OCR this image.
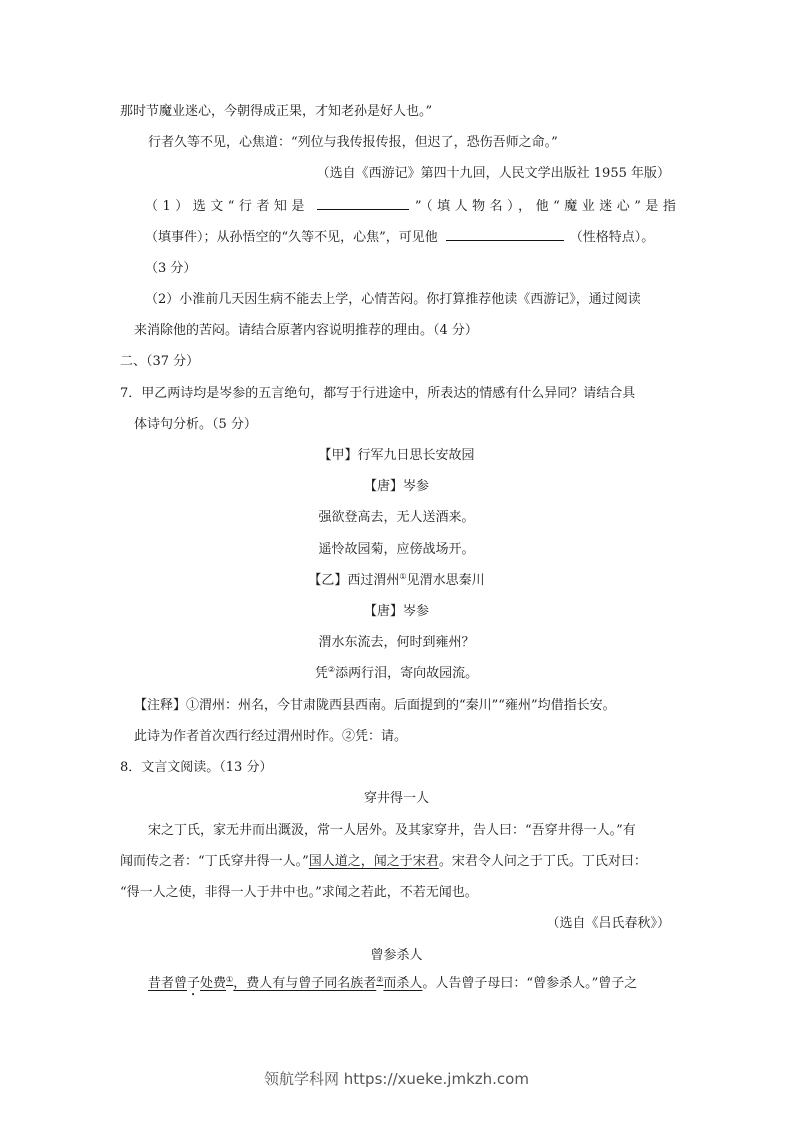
那时节魔业迷心，今朝得成正果，才知老孙是好人也。”
行者久等不见，心焦道：“列位与我传报传报，但迟了，恐伤吾师之命。”
（选自《西游记》第四十九回，人民文学出版社 1955 年版）
（1）选文“行者知是	”（填人物名），他“魔业迷心”是指
（填事件）；从孙悟空的“久等不见，心焦”，可见他	（性格特点）。
（3 分）
（2）小淮前几天因生病不能去上学，心情苦闷。你打算推荐他读《西游记》，通过阅读
来消除他的苦闷。请结合原著内容说明推荐的理由。（4 分）
二、（37 分）
7．甲乙两诗均是岑参的五言绝句，都写于行进途中，所表达的情感有什么异同？请结合具
体诗句分析。（5 分）
【甲】行军九日思长安故园
【唐】岑参
强欲登高去，无人送酒来。
遥怜故园菊，应傍战场开。
【乙】西过渭州①见渭水思秦川
【唐】岑参
渭水东流去，何时到雍州？
凭②添两行泪，寄向故园流。
【注释】①渭州：州名，今甘肃陇西县西南。后面提到的“秦川”“雍州”均借指长安。
此诗为作者首次西行经过渭州时作。②凭：请。
8．文言文阅读。（13 分）
穿井得一人
宋之丁氏，家无井而出溉汲，常一人居外。及其家穿井，告人曰：“吾穿井得一人。”有
闻而传之者：“丁氏穿井得一人。”国人道之，闻之于宋君。宋君令人问之于丁氏。丁氏对曰：
“得一人之使，非得一人于井中也。”求闻之若此，不若无闻也。
（选自《吕氏春秋》）
曾参杀人
昔者曾子处费①，费人有与曾子同名族者②而杀人。人告曾子母曰：“曾参杀人。”曾子之
领航学科网 https://xueke.jmkzh.com
